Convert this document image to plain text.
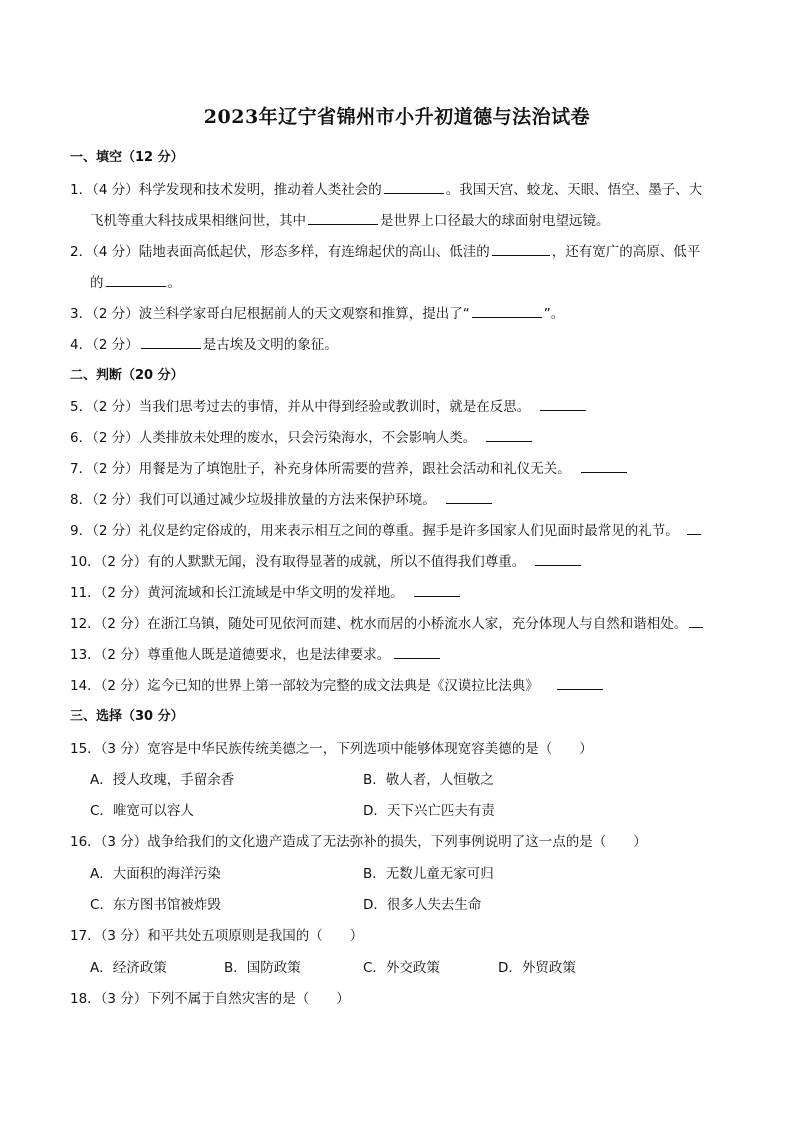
2023年辽宁省锦州市小升初道德与法治试卷
一、填空（12 分）
1．（4 分）科学发现和技术发明，推动着人类社会的	。我国天宫、蛟龙、天眼、悟空、墨子、大
飞机等重大科技成果相继问世，其中	是世界上口径最大的球面射电望远镜。
2．（4 分）陆地表面高低起伏，形态多样，有连绵起伏的高山、低洼的	，还有宽广的高原、低平
的	。
3．（2 分）波兰科学家哥白尼根据前人的天文观察和推算，提出了“	”。
4．（2 分）	是古埃及文明的象征。
二、判断（20 分）
5．（2 分）当我们思考过去的事情，并从中得到经验或教训时，就是在反思。
6．（2 分）人类排放未处理的废水，只会污染海水，不会影响人类。
7．（2 分）用餐是为了填饱肚子，补充身体所需要的营养，跟社会活动和礼仪无关。
8．（2 分）我们可以通过减少垃圾排放量的方法来保护环境。
9．（2 分）礼仪是约定俗成的，用来表示相互之间的尊重。握手是许多国家人们见面时最常见的礼节。
10．（2 分）有的人默默无闻，没有取得显著的成就，所以不值得我们尊重。
11．（2 分）黄河流域和长江流域是中华文明的发祥地。
12．（2 分）在浙江乌镇，随处可见依河而建、枕水而居的小桥流水人家，充分体现人与自然和谐相处。
13．（2 分）尊重他人既是道德要求，也是法律要求。
14．（2 分）迄今已知的世界上第一部较为完整的成文法典是《汉谟拉比法典》
三、选择（30 分）
15．（3 分）宽容是中华民族传统美德之一，下列选项中能够体现宽容美德的是（　　）
A．授人玫瑰，手留余香	B．敬人者，人恒敬之
C．唯宽可以容人	D．天下兴亡匹夫有责
16．（3 分）战争给我们的文化遗产造成了无法弥补的损失，下列事例说明了这一点的是（　　）
A．大面积的海洋污染	B．无数儿童无家可归
C．东方图书馆被炸毁	D．很多人失去生命
17．（3 分）和平共处五项原则是我国的（　　）
A．经济政策	B．国防政策	C．外交政策	D．外贸政策
18．（3 分）下列不属于自然灾害的是（　　）
